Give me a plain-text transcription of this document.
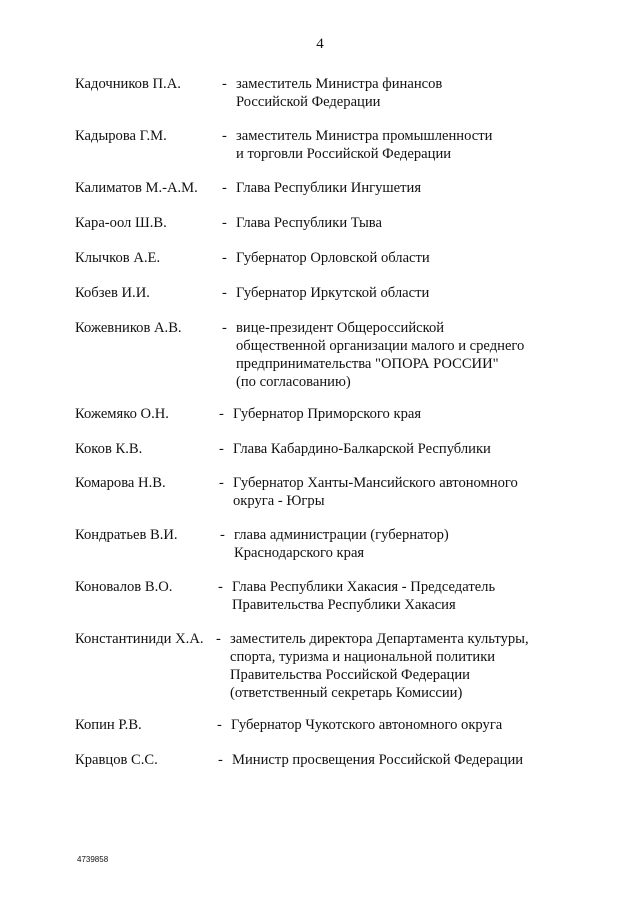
4
Кадочников П.А.	- заместитель Министра финансов
Российской Федерации
Кадырова Г.М.	- заместитель Министра промышленности
и торговли Российской Федерации
Калиматов М.-А.М. - Глава Республики Ингушетия
Кара-оол Ш.В.	- Глава Республики Тыва
Клычков А.Е.	- Губернатор Орловской области
Кобзев И.И.	- Губернатор Иркутской области
Кожевников А.В.	- вице-президент Общероссийской
общественной организации малого и среднего
предпринимательства "ОПОРА РОССИИ"
(по согласованию)
Кожемяко О.Н.	- Губернатор Приморского края
Коков К.В.	- Глава Кабардино-Балкарской Республики
Комарова Н.В.	- Губернатор Ханты-Мансийского автономного
округа - Югры
Кондратьев В.И.	- глава администрации (губернатор)
Краснодарского края
Коновалов В.О.	- Глава Республики Хакасия - Председатель
Правительства Республики Хакасия
Константиниди Х.А. - заместитель директора Департамента культуры,
спорта, туризма и национальной политики
Правительства Российской Федерации
(ответственный секретарь Комиссии)
Копин Р.В.	- Губернатор Чукотского автономного округа
Кравцов С.С.	- Министр просвещения Российской Федерации
4739858
